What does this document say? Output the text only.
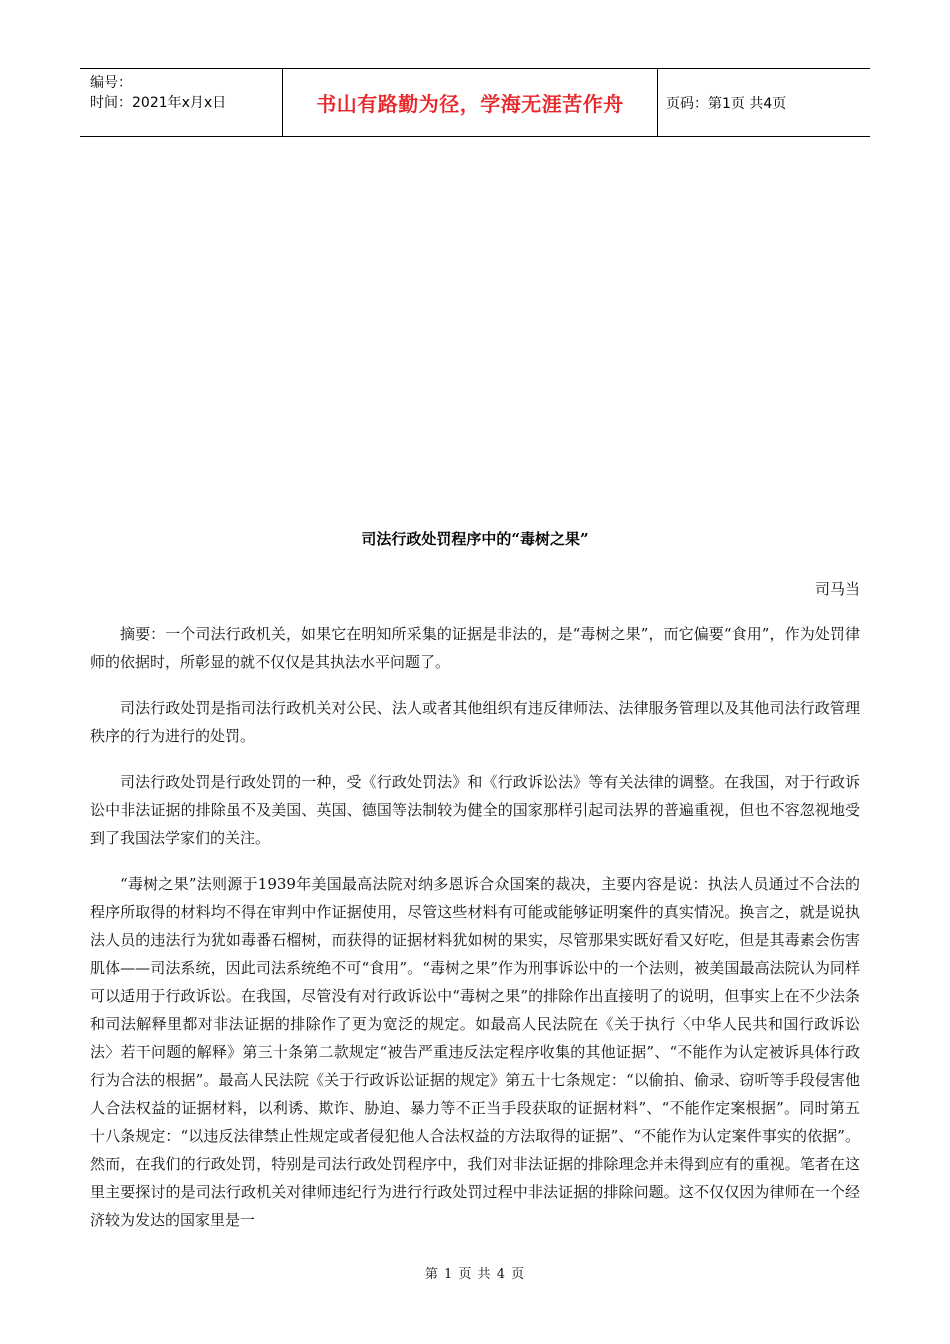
编号：
时间：2021年x月x日	书山有路勤为径，学海无涯苦作舟	页码：第1页 共4页
司法行政处罚程序中的“毒树之果”
司马当

摘要：一个司法行政机关，如果它在明知所采集的证据是非法的，是“毒树之果”，而它偏要“食用”，作为处罚律师的依据时，所彰显的就不仅仅是其执法水平问题了。

司法行政处罚是指司法行政机关对公民、法人或者其他组织有违反律师法、法律服务管理以及其他司法行政管理秩序的行为进行的处罚。

司法行政处罚是行政处罚的一种，受《行政处罚法》和《行政诉讼法》等有关法律的调整。在我国，对于行政诉讼中非法证据的排除虽不及美国、英国、德国等法制较为健全的国家那样引起司法界的普遍重视，但也不容忽视地受到了我国法学家们的关注。

“毒树之果”法则源于1939年美国最高法院对纳多恩诉合众国案的裁决，主要内容是说：执法人员通过不合法的程序所取得的材料均不得在审判中作证据使用，尽管这些材料有可能或能够证明案件的真实情况。换言之，就是说执法人员的违法行为犹如毒番石榴树，而获得的证据材料犹如树的果实，尽管那果实既好看又好吃，但是其毒素会伤害肌体——司法系统，因此司法系统绝不可“食用”。“毒树之果”作为刑事诉讼中的一个法则，被美国最高法院认为同样可以适用于行政诉讼。在我国，尽管没有对行政诉讼中“毒树之果”的排除作出直接明了的说明，但事实上在不少法条和司法解释里都对非法证据的排除作了更为宽泛的规定。如最高人民法院在《关于执行〈中华人民共和国行政诉讼法〉若干问题的解释》第三十条第二款规定“被告严重违反法定程序收集的其他证据”、“不能作为认定被诉具体行政行为合法的根据”。最高人民法院《关于行政诉讼证据的规定》第五十七条规定：“以偷拍、偷录、窃听等手段侵害他人合法权益的证据材料，以利诱、欺诈、胁迫、暴力等不正当手段获取的证据材料”、“不能作定案根据”。同时第五十八条规定：“以违反法律禁止性规定或者侵犯他人合法权益的方法取得的证据”、“不能作为认定案件事实的依据”。然而，在我们的行政处罚，特别是司法行政处罚程序中，我们对非法证据的排除理念并未得到应有的重视。笔者在这里主要探讨的是司法行政机关对律师违纪行为进行行政处罚过程中非法证据的排除问题。这不仅仅因为律师在一个经济较为发达的国家里是一

第 1 页 共 4 页
